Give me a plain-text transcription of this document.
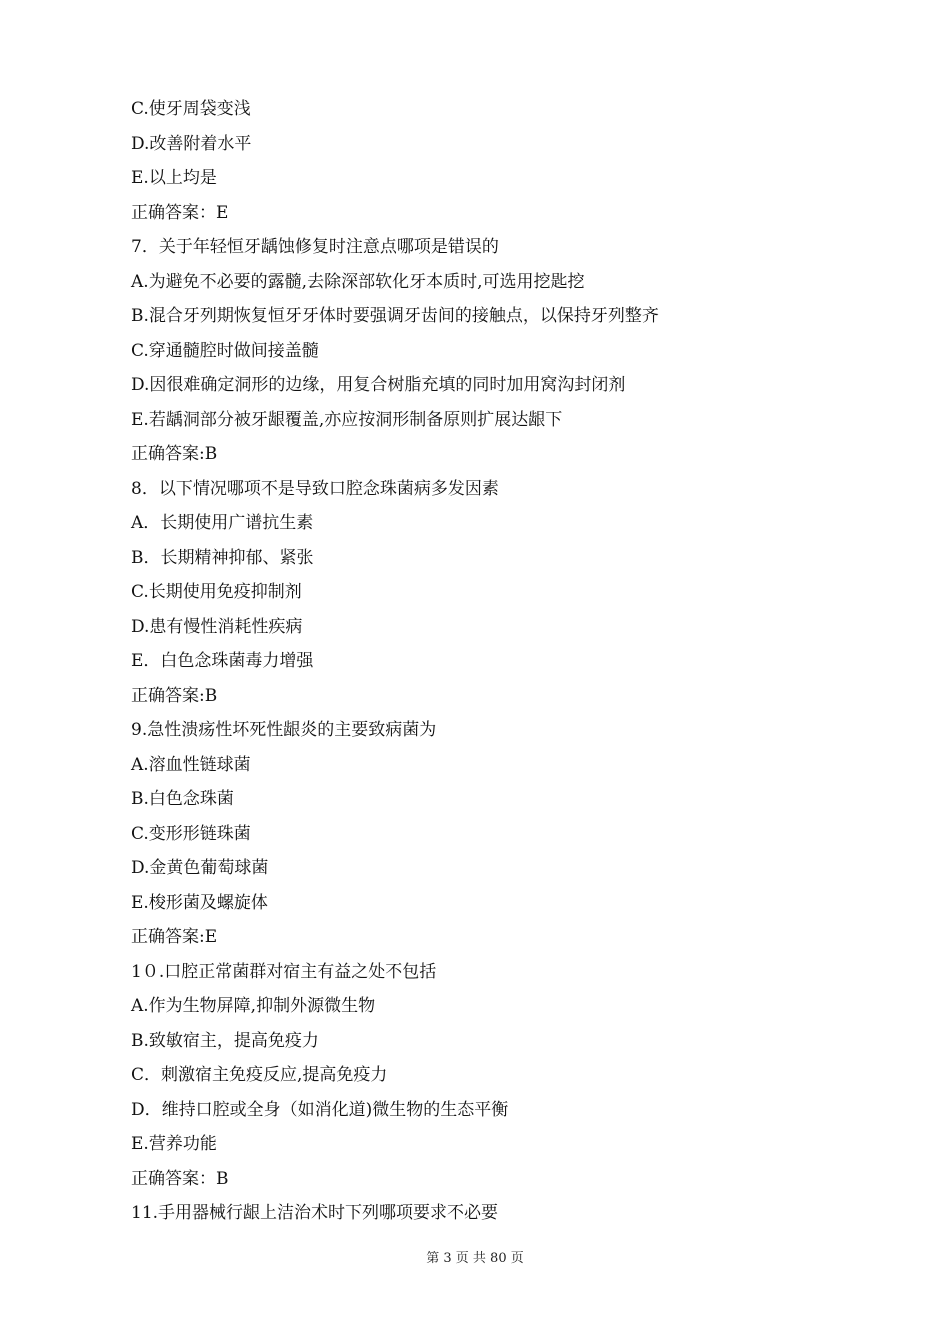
C.使牙周袋变浅
D.改善附着水平
E.以上均是
正确答案：E
7．关于年轻恒牙龋蚀修复时注意点哪项是错误的
A.为避免不必要的露髓,去除深部软化牙本质时,可选用挖匙挖
B.混合牙列期恢复恒牙牙体时要强调牙齿间的接触点，以保持牙列整齐
C.穿通髓腔时做间接盖髓
D.因很难确定洞形的边缘，用复合树脂充填的同时加用窝沟封闭剂
E.若龋洞部分被牙龈覆盖,亦应按洞形制备原则扩展达龈下
正确答案:B
8．以下情况哪项不是导致口腔念珠菌病多发因素
A．长期使用广谱抗生素
B．长期精神抑郁、紧张
C.长期使用免疫抑制剂
D.患有慢性消耗性疾病
E．白色念珠菌毒力增强
正确答案:B
9.急性溃疡性坏死性龈炎的主要致病菌为
A.溶血性链球菌
B.白色念珠菌
C.变形形链珠菌
D.金黄色葡萄球菌
E.梭形菌及螺旋体
正确答案:E
1０.口腔正常菌群对宿主有益之处不包括
A.作为生物屏障,抑制外源微生物
B.致敏宿主，提高免疫力
C．刺激宿主免疫反应,提高免疫力
D．维持口腔或全身（如消化道)微生物的生态平衡
E.营养功能
正确答案：B
11.手用器械行龈上洁治术时下列哪项要求不必要
第 3 页 共 80 页
